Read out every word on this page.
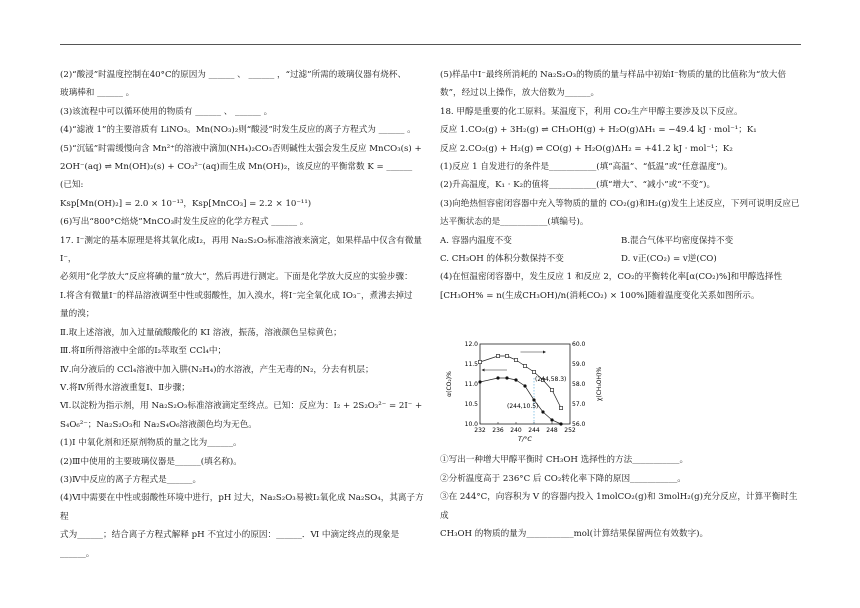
(2)“酸浸”时温度控制在40°C的原因为 ______ 、 ______ ，“过滤”所需的玻璃仪器有烧杯、

玻璃棒和 ______ 。

(3)该流程中可以循环使用的物质有 ______ 、 ______ 。

(4)“滤液 1”的主要溶质有 LiNO₃。Mn(NO₃)₂则“酸浸”时发生反应的离子方程式为 ______ 。

(5)“沉锰”时需缓慢向含 Mn²⁺的溶液中滴加(NH₄)₂CO₃否则碱性太强会发生反应 MnCO₃(s) +

2OH⁻(aq) ⇌ Mn(OH)₂(s) + CO₃²⁻(aq)而生成 Mn(OH)₂，该反应的平衡常数 K = ______ (已知:

Ksp[Mn(OH)₂] = 2.0 × 10⁻¹³，Ksp[MnCO₃] = 2.2 × 10⁻¹¹)

(6)写出“800°C焙烧”MnCO₃时发生反应的化学方程式 ______ 。

17. I⁻测定的基本原理是将其氧化成I₂，再用 Na₂S₂O₃标准溶液来滴定，如果样品中仅含有微量I⁻，

必须用“化学放大”反应将碘的量“放大”，然后再进行测定。下面是化学放大反应的实验步骤：

Ⅰ.将含有微量I⁻的样品溶液调至中性或弱酸性，加入溴水，将I⁻完全氧化成 IO₃⁻，煮沸去掉过

量的溴；

Ⅱ.取上述溶液，加入过量硫酸酸化的 KI 溶液，振荡，溶液颜色呈棕黄色；

Ⅲ.将Ⅱ所得溶液中全部的I₂萃取至 CCl₄中；

Ⅳ.向分液后的 CCl₄溶液中加入肼(N₂H₄)的水溶液，产生无毒的N₂，分去有机层；

Ⅴ.将Ⅳ所得水溶液重复Ⅰ、Ⅱ步骤；

Ⅵ.以淀粉为指示剂，用 Na₂S₂O₃标准溶液滴定至终点。已知：反应为：I₂ + 2S₂O₃²⁻ = 2I⁻ +

S₄O₆²⁻；Na₂S₂O₃和 Na₂S₄O₆溶液颜色均为无色。

(1)I 中氧化剂和还原剂物质的量之比为______。

(2)Ⅲ中使用的主要玻璃仪器是______(填名称)。

(3)Ⅳ中反应的离子方程式是______。

(4)Ⅵ中需要在中性或弱酸性环境中进行，pH 过大，Na₂S₂O₃易被I₂氧化成 Na₂SO₄，其离子方程

式为______；结合离子方程式解释 pH 不宜过小的原因：______．Ⅵ 中滴定终点的现象是______。

(5)样品中I⁻最终所消耗的 Na₂S₂O₃的物质的量与样品中初始I⁻物质的量的比值称为“放大倍

数”，经过以上操作，放大倍数为______。

18. 甲醇是重要的化工原料。某温度下，利用 CO₂生产甲醇主要涉及以下反应。

反应 1.CO₂(g) + 3H₂(g) ⇌ CH₃OH(g) + H₂O(g)ΔH₁ = −49.4 kJ · mol⁻¹；K₁

反应 2.CO₂(g) + H₂(g) ⇌ CO(g) + H₂O(g)ΔH₂ = +41.2 kJ · mol⁻¹；K₂

(1)反应 1 自发进行的条件是___________(填“高温”、“低温”或“任意温度”)。

(2)升高温度，K₁ · K₂的值将___________(填“增大”、“减小”或“不变”)。

(3)向绝热恒容密闭容器中充入等物质的量的 CO₂(g)和H₂(g)发生上述反应，下列可说明反应已

达平衡状态的是___________(填编号)。

A. 容器内温度不变	B.混合气体平均密度保持不变
C. CH₃OH 的体积分数保持不变	D. v正(CO₂) = v逆(CO)

(4)在恒温密闭容器中，发生反应 1 和反应 2，CO₂的平衡转化率[α(CO₂)%]和甲醇选择性

[CH₃OH% = n(生成CH₃OH)/n(消耗CO₂) × 100%]随着温度变化关系如图所示。

①写出一种增大甲醇平衡时 CH₃OH 选择性的方法___________。

②分析温度高于 236°C 后 CO₂转化率下降的原因___________。

③在 244°C，向容积为 V 的容器内投入 1molCO₂(g)和 3molH₂(g)充分反应，计算平衡时生成

CH₃OH 的物质的量为___________mol(计算结果保留两位有效数字)。

232 236 240 244 248 252
10.0
10.5
11.0
11.5
12.0
56.0
57.0
58.0
59.0
60.0
T/°C
α(CO₂)%	χ(CH₃OH)%
(244,58.3)
(244,10.5)
